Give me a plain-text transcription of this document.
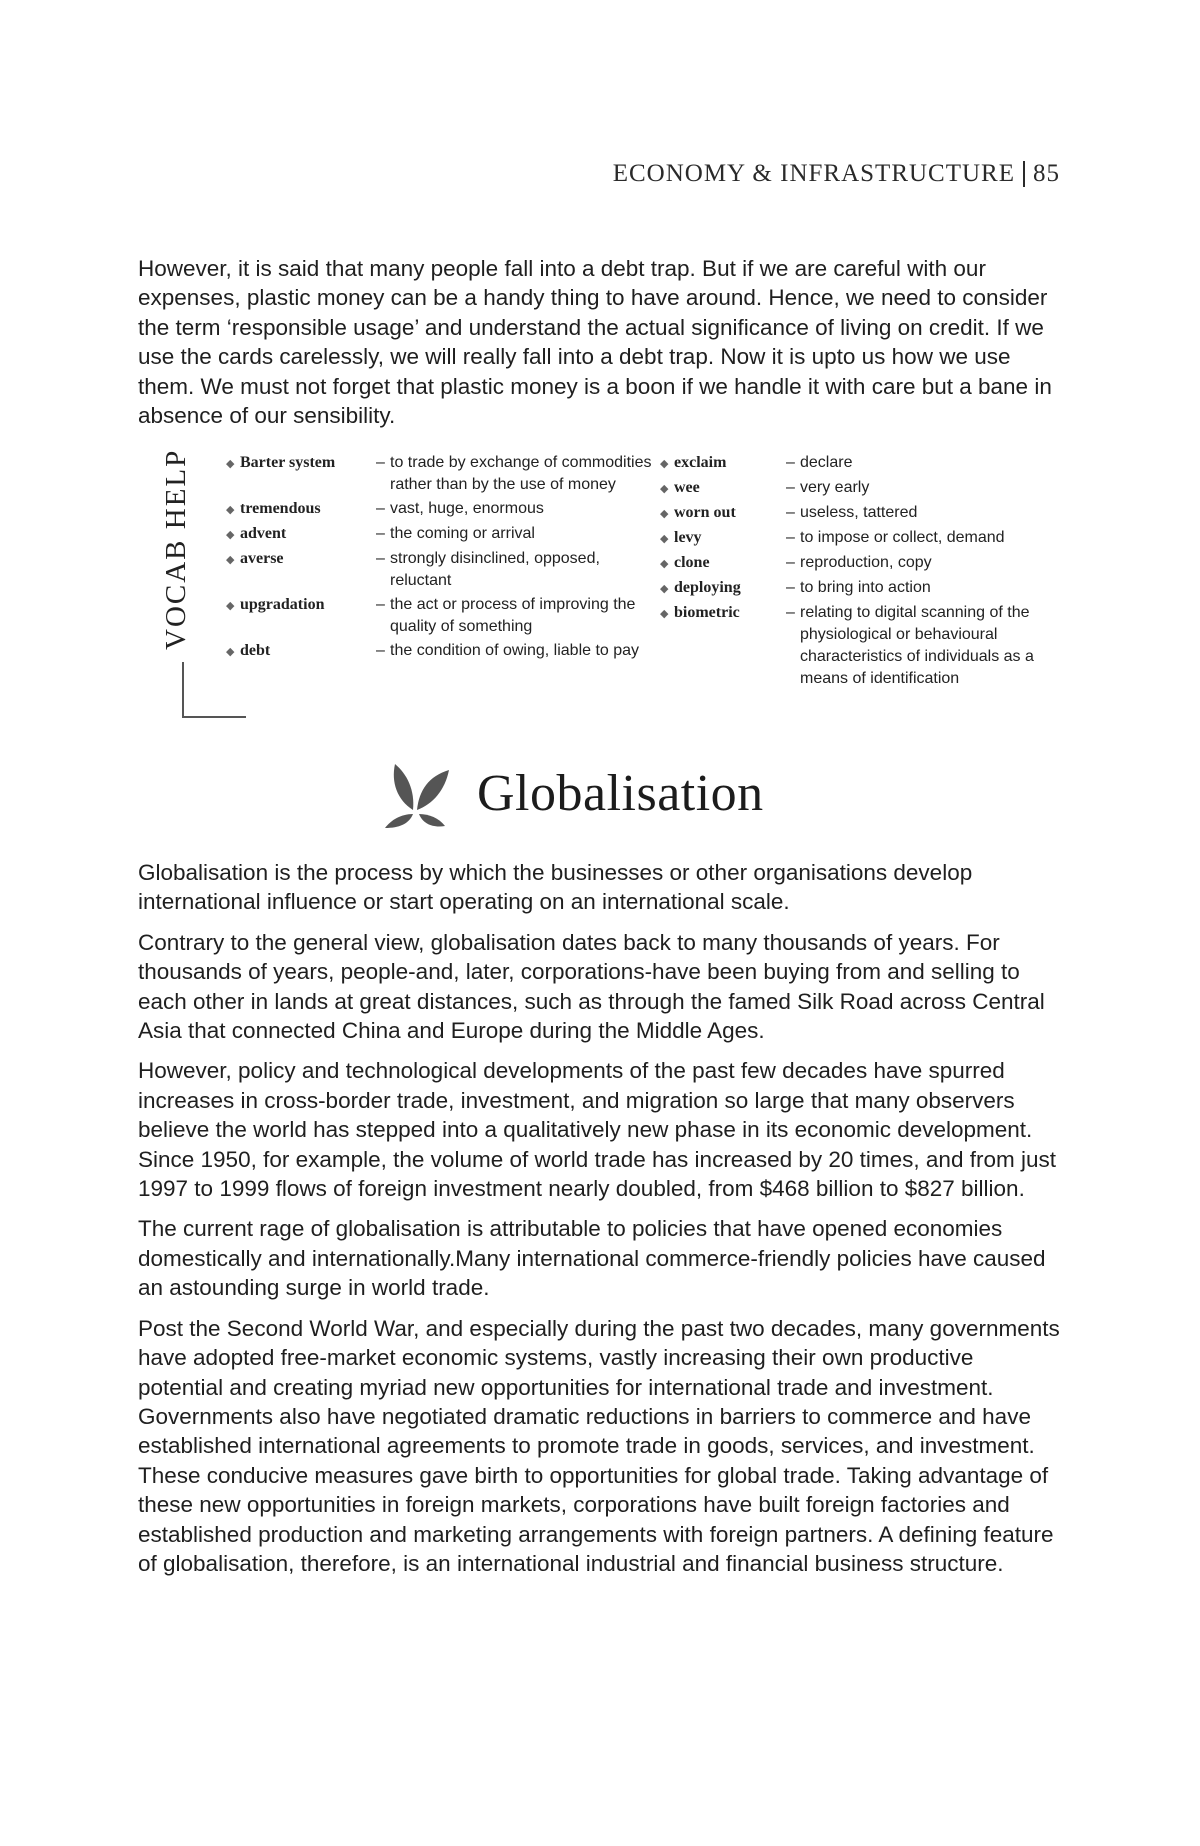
ECONOMY & INFRASTRUCTURE 85

However, it is said that many people fall into a debt trap. But if we are careful with our expenses, plastic money can be a handy thing to have around. Hence, we need to consider the term ‘responsible usage’ and understand the actual significance of living on credit. If we use the cards carelessly, we will really fall into a debt trap. Now it is upto us how we use them. We must not forget that plastic money is a boon if we handle it with care but a bane in absence of our sensibility.

VOCAB HELP	◆ Barter system	– to trade by exchange of commodities rather than by the use of money
◆ tremendous	– vast, huge, enormous
◆ advent	– the coming or arrival
◆ averse	– strongly disinclined, opposed, reluctant
◆ upgradation	– the act or process of improving the quality of something
◆ debt	– the condition of owing, liable to pay
◆ exclaim	– declare
◆ wee	– very early
◆ worn out	– useless, tattered
◆ levy	– to impose or collect, demand
◆ clone	– reproduction, copy
◆ deploying	– to bring into action
◆ biometric	– relating to digital scanning of the physiological or behavioural characteristics of individuals as a means of identification
Globalisation

Globalisation is the process by which the businesses or other organisations develop international influence or start operating on an international scale.

Contrary to the general view, globalisation dates back to many thousands of years. For thousands of years, people-and, later, corporations-have been buying from and selling to each other in lands at great distances, such as through the famed Silk Road across Central Asia that connected China and Europe during the Middle Ages.

However, policy and technological developments of the past few decades have spurred increases in cross-border trade, investment, and migration so large that many observers believe the world has stepped into a qualitatively new phase in its economic development. Since 1950, for example, the volume of world trade has increased by 20 times, and from just 1997 to 1999 flows of foreign investment nearly doubled, from $468 billion to $827 billion.

The current rage of globalisation is attributable to policies that have opened economies domestically and internationally.Many international commerce-friendly policies have caused an astounding surge in world trade.

Post the Second World War, and especially during the past two decades, many governments have adopted free-market economic systems, vastly increasing their own productive potential and creating myriad new opportunities for international trade and investment. Governments also have negotiated dramatic reductions in barriers to commerce and have established international agreements to promote trade in goods, services, and investment. These conducive measures gave birth to opportunities for global trade. Taking advantage of these new opportunities in foreign markets, corporations have built foreign factories and established production and marketing arrangements with foreign partners. A defining feature of globalisation, therefore, is an international industrial and financial business structure.
